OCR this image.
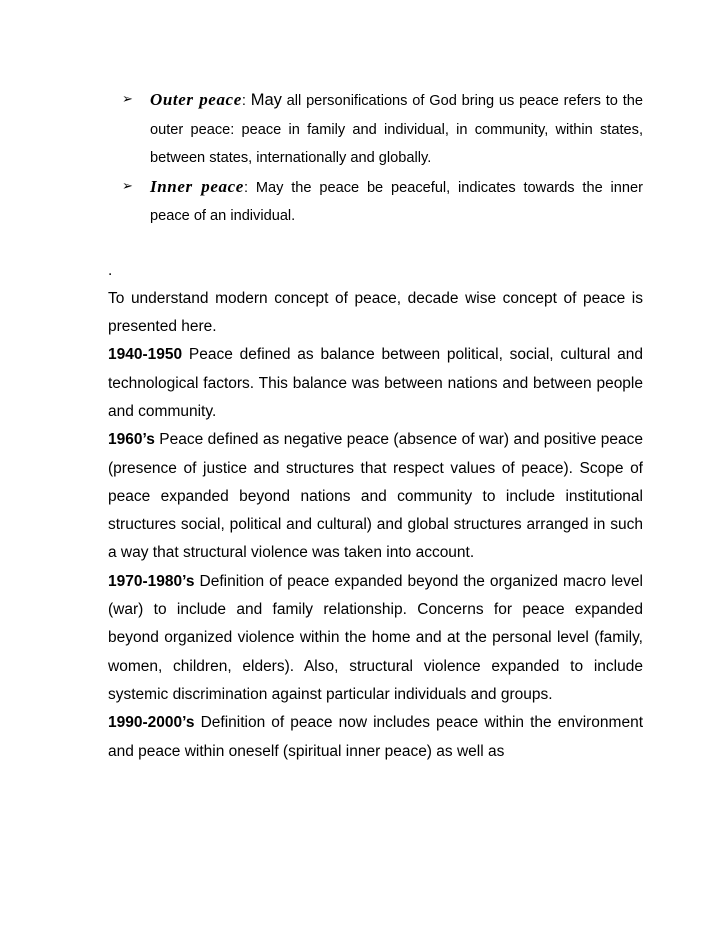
➢ Outer peace: May all personifications of God bring us peace refers to the outer peace: peace in family and individual, in community, within states, between states, internationally and globally.
➢ Inner peace: May the peace be peaceful, indicates towards the inner peace of an individual.

.

To understand modern concept of peace, decade wise concept of peace is presented here.

1940-1950 Peace defined as balance between political, social, cultural and technological factors. This balance was between nations and between people and community.

1960’s Peace defined as negative peace (absence of war) and positive peace (presence of justice and structures that respect values of peace). Scope of peace expanded beyond nations and community to include institutional structures social, political and cultural) and global structures arranged in such a way that structural violence was taken into account.

1970-1980’s Definition of peace expanded beyond the organized macro level (war) to include and family relationship. Concerns for peace expanded beyond organized violence within the home and at the personal level (family, women, children, elders). Also, structural violence expanded to include systemic discrimination against particular individuals and groups.

1990-2000’s Definition of peace now includes peace within the environment and peace within oneself (spiritual inner peace) as well as
